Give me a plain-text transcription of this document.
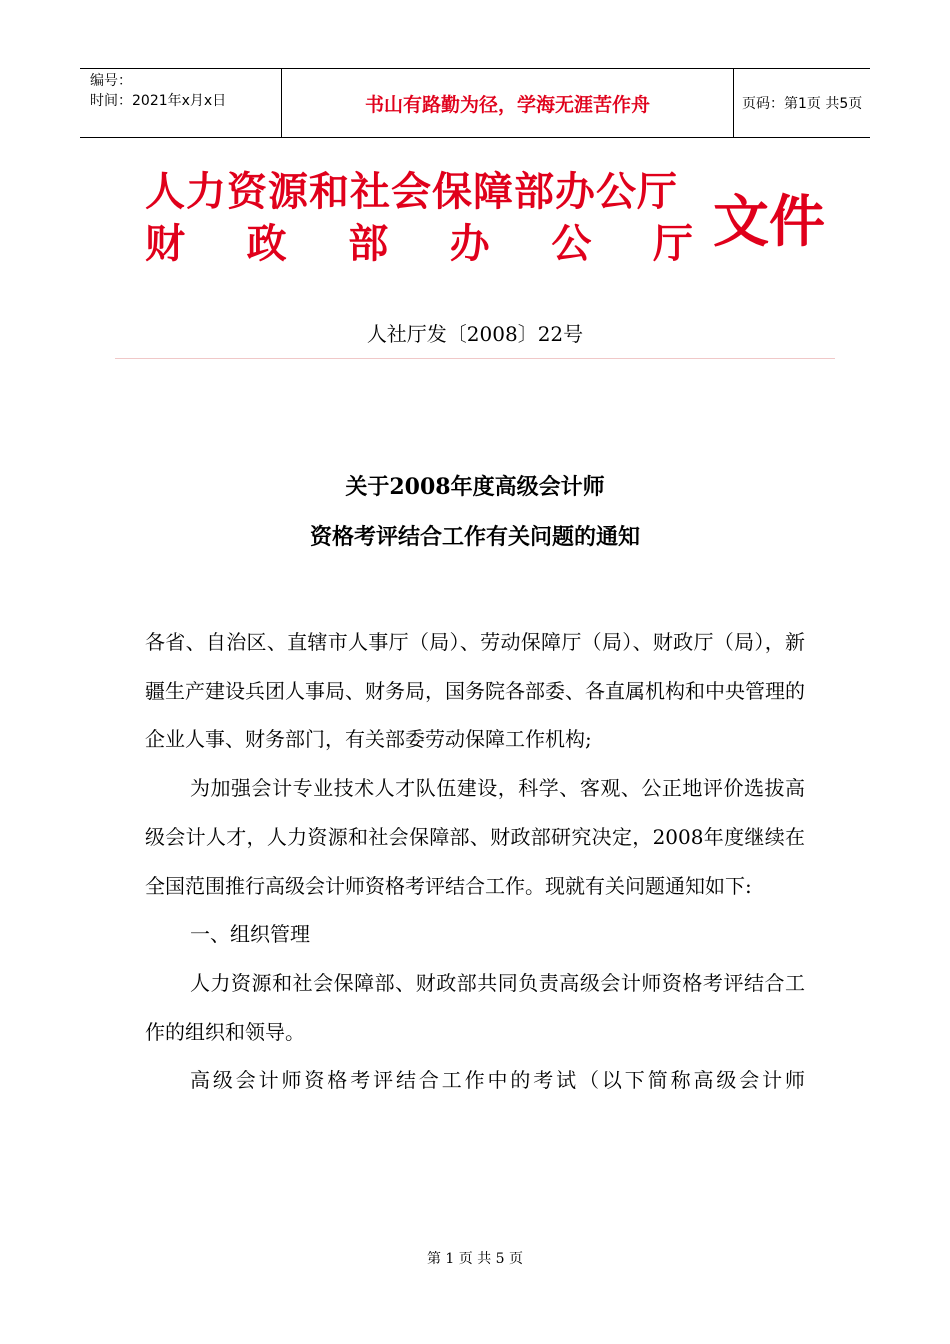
编号：
时间：2021年x月x日	书山有路勤为径，学海无涯苦作舟	页码：第1页 共5页
人力资源和社会保障部办公厅
财 政 部 办 公 厅 文件
人社厅发〔2008〕22号
关于2008年度高级会计师
资格考评结合工作有关问题的通知

各省、自治区、直辖市人事厅（局）、劳动保障厅（局）、财政厅（局），新疆生产建设兵团人事局、财务局，国务院各部委、各直属机构和中央管理的企业人事、财务部门，有关部委劳动保障工作机构;

为加强会计专业技术人才队伍建设，科学、客观、公正地评价选拔高级会计人才，人力资源和社会保障部、财政部研究决定，2008年度继续在全国范围推行高级会计师资格考评结合工作。现就有关问题通知如下:

一、组织管理

人力资源和社会保障部、财政部共同负责高级会计师资格考评结合工作的组织和领导。

高级会计师资格考评结合工作中的考试（以下简称高级会计师

第 1 页 共 5 页
